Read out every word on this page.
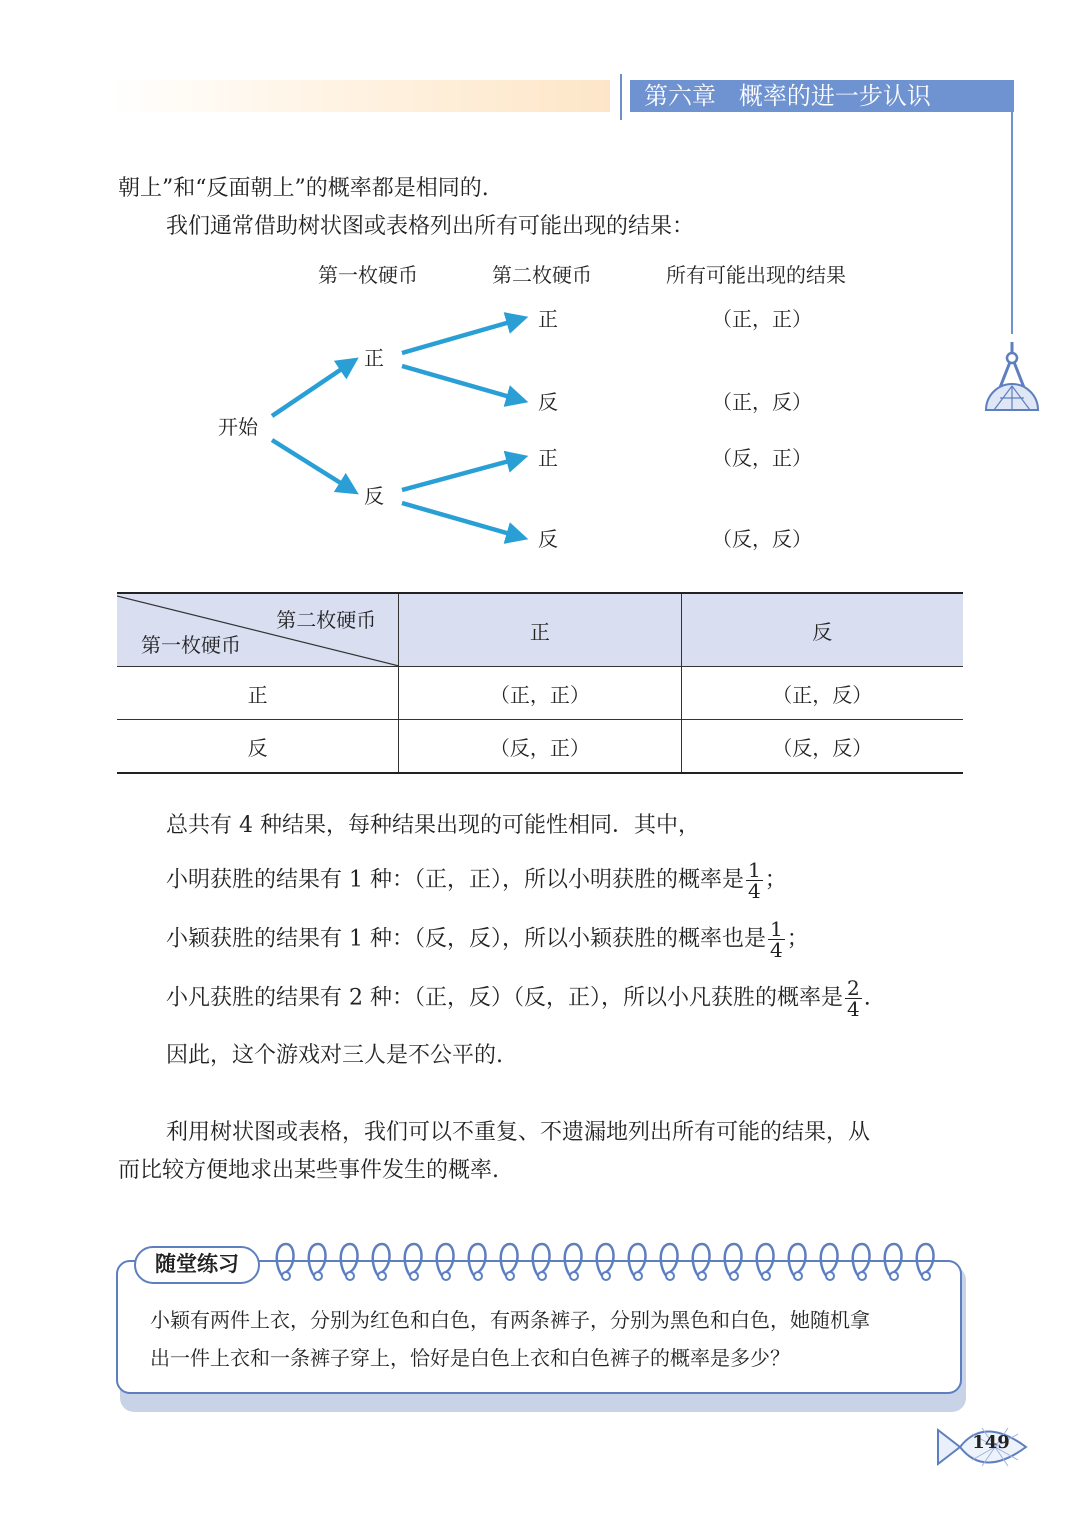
第六章 概率的进一步认识
朝上”和“反面朝上”的概率都是相同的.
我们通常借助树状图或表格列出所有可能出现的结果：
第一枚硬币	第二枚硬币	所有可能出现的结果
开始
正
反
正
反
正
反
（正，正）
（正，反）
（反，正）
（反，反）
第二枚硬币
第一枚硬币	正	反
正	（正，正）	（正，反）
反	（反，正）	（反，反）
总共有 4 种结果，每种结果出现的可能性相同．其中，
小明获胜的结果有 1 种：（正，正），所以小明获胜的概率是 $\frac{1}{4}$ ；
小颖获胜的结果有 1 种：（反，反），所以小颖获胜的概率也是 $\frac{1}{4}$ ；
小凡获胜的结果有 2 种：（正，反）（反，正），所以小凡获胜的概率是 $\frac{2}{4}$ .
因此，这个游戏对三人是不公平的.
利用树状图或表格，我们可以不重复、不遗漏地列出所有可能的结果，从
而比较方便地求出某些事件发生的概率.
随堂练习
小颖有两件上衣，分别为红色和白色，有两条裤子，分别为黑色和白色，她随机拿
出一件上衣和一条裤子穿上，恰好是白色上衣和白色裤子的概率是多少？
149
